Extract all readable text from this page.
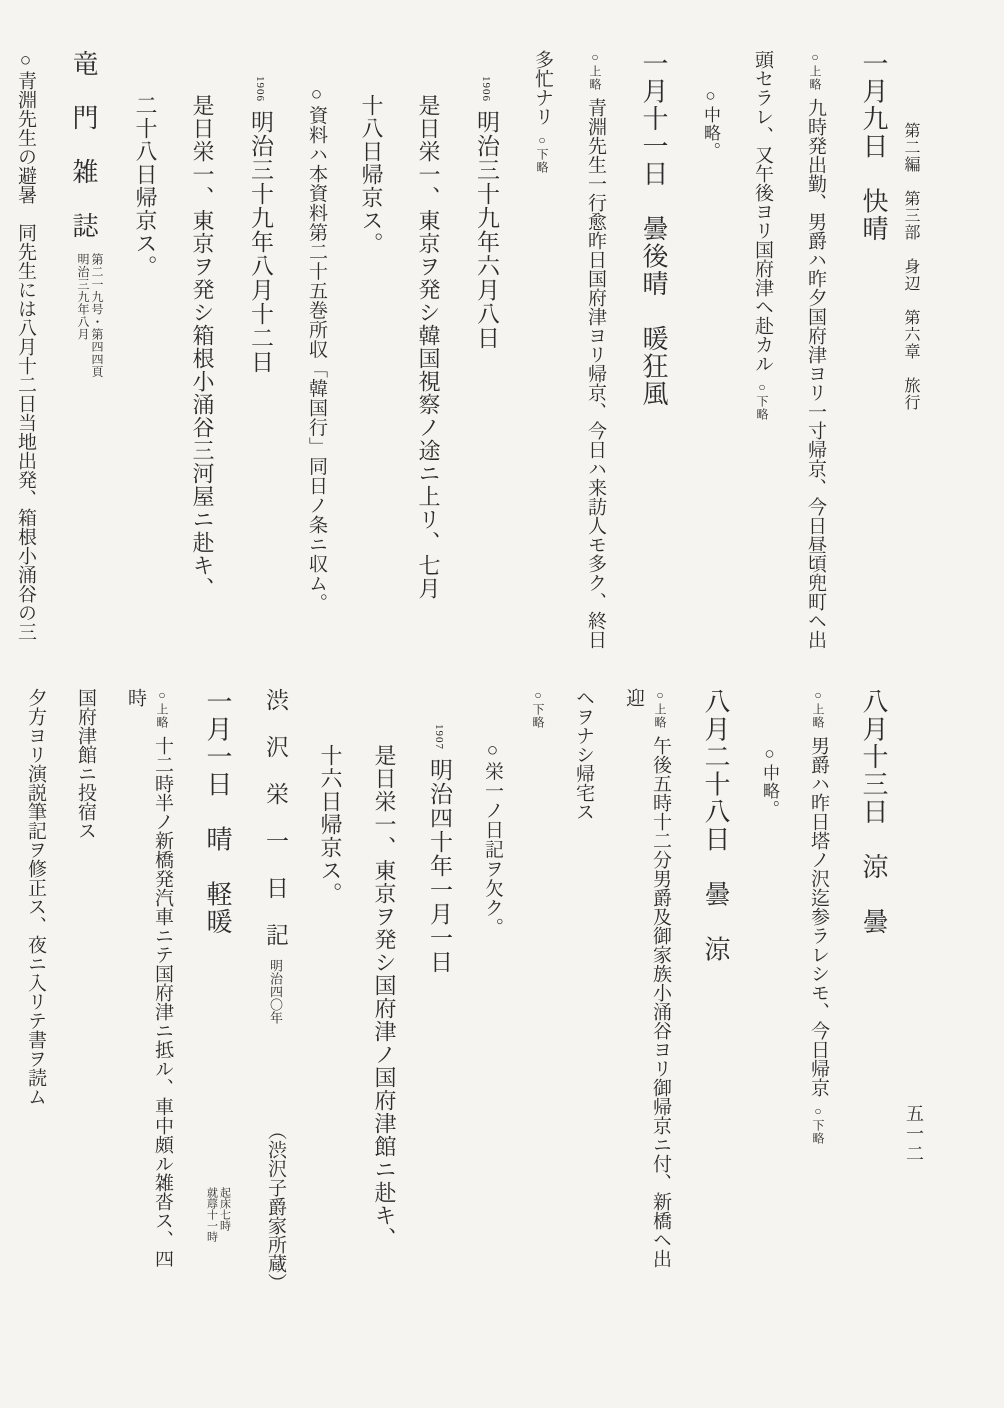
第二編　第三部　身辺　第六章　旅行
五一二
一月九日　快晴
○上略九時発出勤、男爵ハ昨夕国府津ヨリ一寸帰京、今日昼頃兜町ヘ出
頭セラレ、又午後ヨリ国府津ヘ赴カル○下略
○中略。
一月十一日　曇後晴　暖狂風
○上略青淵先生一行愈昨日国府津ヨリ帰京、今日ハ来訪人モ多ク、終日
多忙ナリ○下略
1906明治三十九年六月八日
是日栄一、東京ヲ発シ韓国視察ノ途ニ上リ、七月
十八日帰京ス。
○資料ハ本資料第二十五巻所収「韓国行」同日ノ条ニ収ム。
1906明治三十九年八月十二日
是日栄一、東京ヲ発シ箱根小涌谷三河屋ニ赴キ、
二十八日帰京ス。
竜　門　雑　誌
第二一九号・第四四頁
明治三九年八月
○青淵先生の避暑　同先生には八月十二日当地出発、箱根小涌谷の三
八月十三日　涼　曇
○上略男爵ハ昨日塔ノ沢迄参ラレシモ、今日帰京○下略
○中略。
八月二十八日　曇　涼
○上略午後五時十二分男爵及御家族小涌谷ヨリ御帰京ニ付、新橋ヘ出迎
ヘヲナシ帰宅ス
○下略
○栄一ノ日記ヲ欠ク。
1907明治四十年一月一日
是日栄一、東京ヲ発シ国府津ノ国府津館ニ赴キ、
十六日帰京ス。
渋　沢　栄　一　日　記明治四〇年
（渋沢子爵家所蔵）
一月一日　晴　軽暖
起床七時
就蓐十一時
○上略十二時半ノ新橋発汽車ニテ国府津ニ抵ル、車中頗ル雑沓ス、四時
国府津館ニ投宿ス
夕方ヨリ演説筆記ヲ修正ス、夜ニ入リテ書ヲ読ム
